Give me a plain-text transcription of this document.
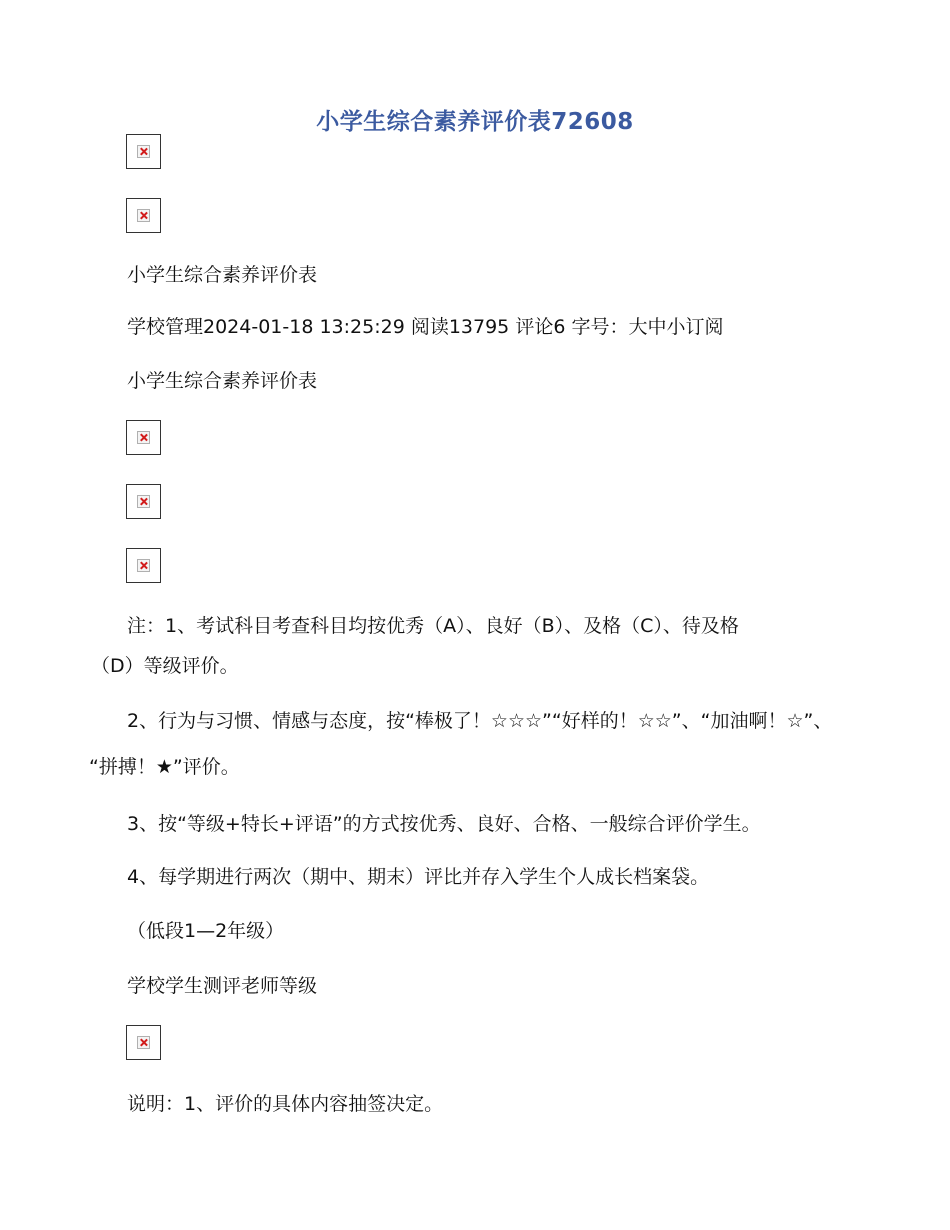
小学生综合素养评价表72608
小学生综合素养评价表
学校管理2024-01-18 13:25:29 阅读13795 评论6 字号：大中小订阅
小学生综合素养评价表
注：1、考试科目考查科目均按优秀（A）、良好（B）、及格（C）、待及格
（D）等级评价。
2、行为与习惯、情感与态度，按“棒极了！☆☆☆”“好样的！☆☆”、“加油啊！☆”、
“拼搏！★”评价。
3、按“等级+特长+评语”的方式按优秀、良好、合格、一般综合评价学生。
4、每学期进行两次（期中、期末）评比并存入学生个人成长档案袋。
（低段1—2年级）
学校学生测评老师等级
说明：1、评价的具体内容抽签决定。
